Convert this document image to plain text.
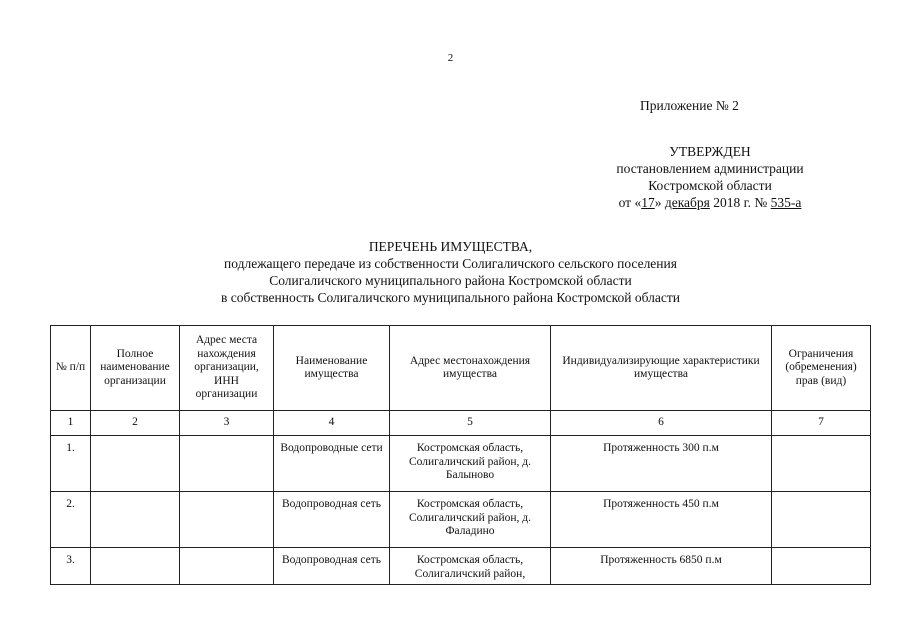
2
Приложение № 2
УТВЕРЖДЕН
постановлением администрации
Костромской области
от «17» декабря 2018 г. № 535-а
ПЕРЕЧЕНЬ ИМУЩЕСТВА,
подлежащего передаче из собственности Солигаличского сельского поселения
Солигаличского муниципального района Костромской области
в собственность Солигаличского муниципального района Костромской области
№ п/п	Полное наименование организации	Адрес места нахождения организации, ИНН организации	Наименование имущества	Адрес местонахождения имущества	Индивидуализирующие характеристики имущества	Ограничения (обременения) прав (вид)
1	2	3	4	5	6	7
1.			Водопроводные сети	Костромская область, Солигаличский район, д. Балыново	Протяженность 300 п.м	
2.			Водопроводная сеть	Костромская область, Солигаличский район, д. Фаладино	Протяженность 450 п.м	
3.			Водопроводная сеть	Костромская область, Солигаличский район,	Протяженность 6850 п.м	
